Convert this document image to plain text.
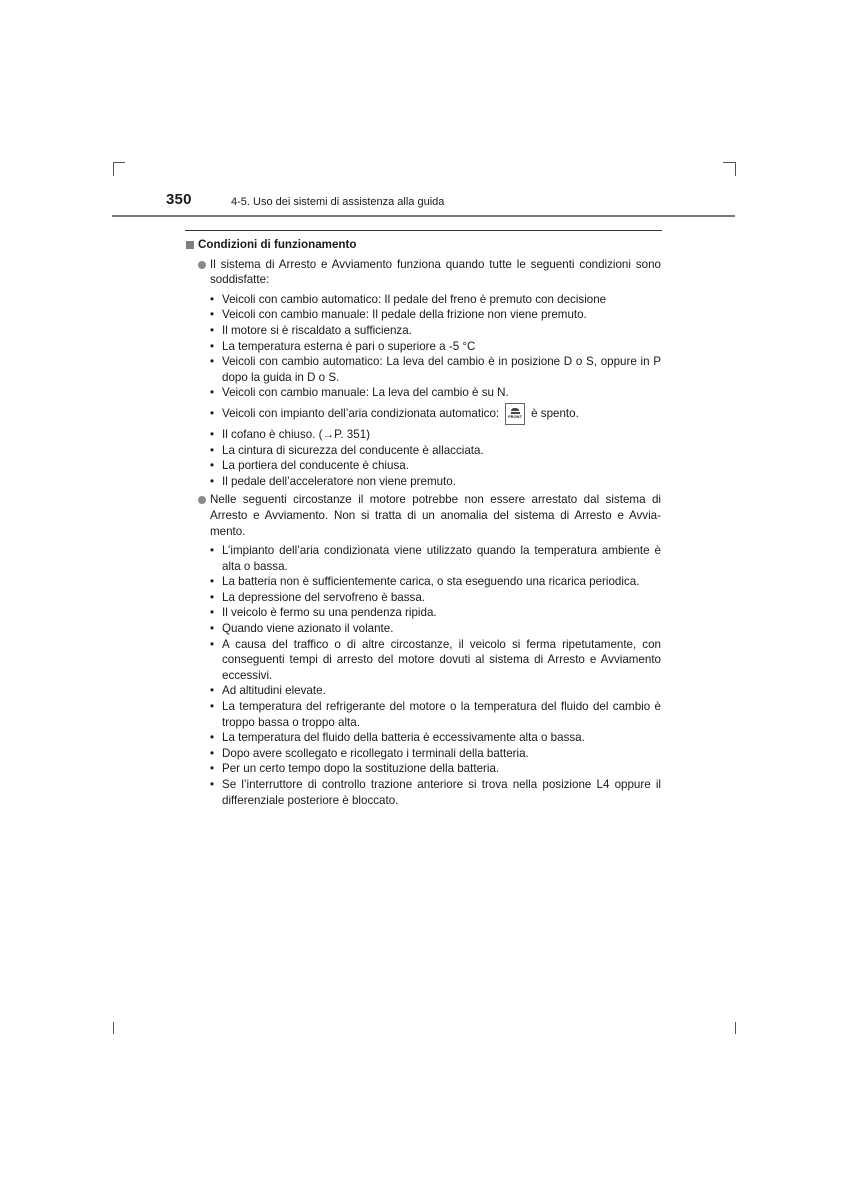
350	4-5. Uso dei sistemi di assistenza alla guida
Condizioni di funzionamento
Il sistema di Arresto e Avviamento funziona quando tutte le seguenti condizioni sono soddisfatte:
• Veicoli con cambio automatico: Il pedale del freno è premuto con decisione
• Veicoli con cambio manuale: Il pedale della frizione non viene premuto.
• Il motore si è riscaldato a sufficienza.
• La temperatura esterna è pari o superiore a -5 °C
• Veicoli con cambio automatico: La leva del cambio è in posizione D o S, oppure in P dopo la guida in D o S.
• Veicoli con cambio manuale: La leva del cambio è su N.
• Veicoli con impianto dell’aria condizionata automatico: FRONT è spento.
• Il cofano è chiuso. (→P. 351)
• La cintura di sicurezza del conducente è allacciata.
• La portiera del conducente è chiusa.
• Il pedale dell’acceleratore non viene premuto.
Nelle seguenti circostanze il motore potrebbe non essere arrestato dal sistema di Arresto e Avviamento. Non si tratta di un anomalia del sistema di Arresto e Avvia-mento.
• L’impianto dell’aria condizionata viene utilizzato quando la temperatura ambiente è alta o bassa.
• La batteria non è sufficientemente carica, o sta eseguendo una ricarica periodica.
• La depressione del servofreno è bassa.
• Il veicolo è fermo su una pendenza ripida.
• Quando viene azionato il volante.
• A causa del traffico o di altre circostanze, il veicolo si ferma ripetutamente, con conseguenti tempi di arresto del motore dovuti al sistema di Arresto e Avviamento eccessivi.
• Ad altitudini elevate.
• La temperatura del refrigerante del motore o la temperatura del fluido del cambio è troppo bassa o troppo alta.
• La temperatura del fluido della batteria è eccessivamente alta o bassa.
• Dopo avere scollegato e ricollegato i terminali della batteria.
• Per un certo tempo dopo la sostituzione della batteria.
• Se l’interruttore di controllo trazione anteriore si trova nella posizione L4 oppure il differenziale posteriore è bloccato.
